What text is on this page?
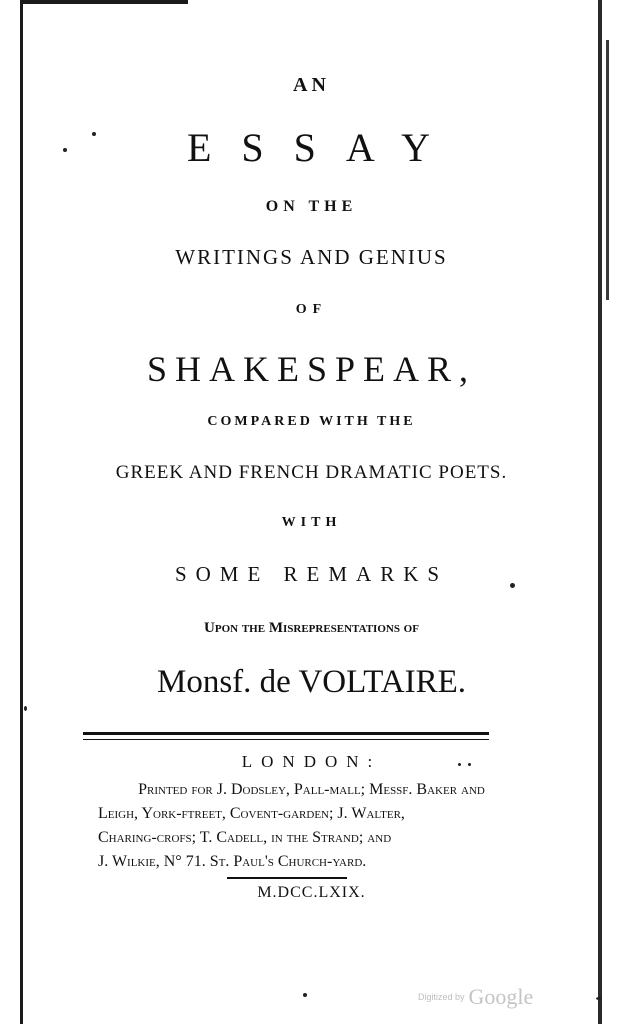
AN
ESSAY
ON THE
WRITINGS AND GENIUS
OF
SHAKESPEAR,
COMPARED WITH THE
GREEK AND FRENCH DRAMATIC POETS.
WITH
SOME REMARKS
Upon the Misrepresentations of
Monsf. de VOLTAIRE.
LONDON:
Printed for J. Dodsley, Pall-mall; Messf. Baker and
Leigh, York-ftreet, Covent-garden; J. Walter,
Charing-crofs; T. Cadell, in the Strand; and
J. Wilkie, N° 71. St. Paul's Church-yard.
M.DCC.LXIX.
Digitized by Google
